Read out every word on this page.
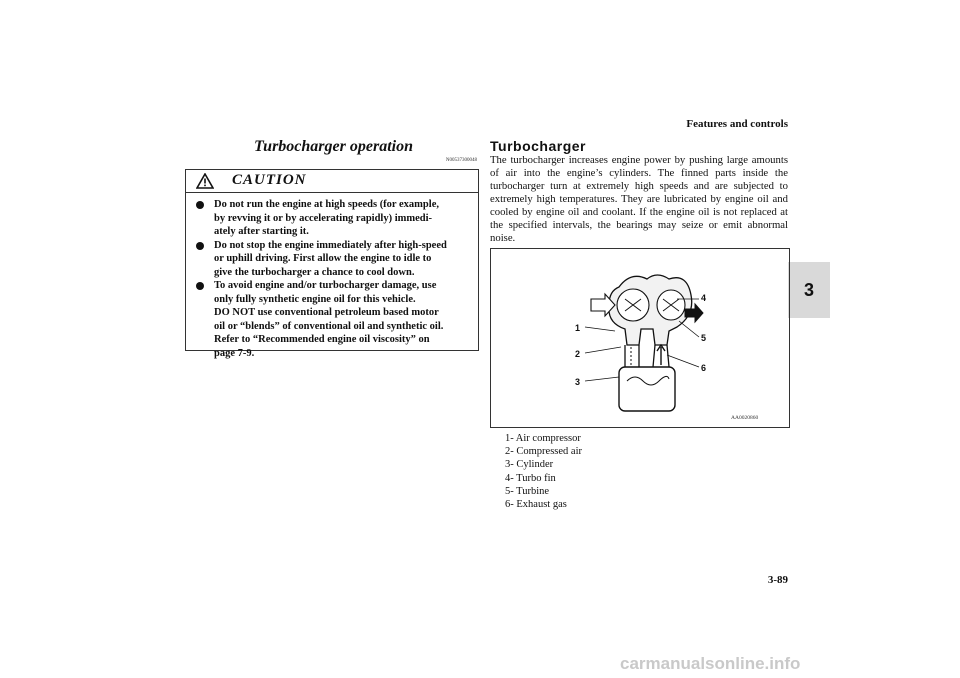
Features and controls
3
Turbocharger operation
N00537300048
CAUTION
Do not run the engine at high speeds (for example,
by revving it or by accelerating rapidly) immedi-
ately after starting it.
Do not stop the engine immediately after high-speed
or uphill driving. First allow the engine to idle to
give the turbocharger a chance to cool down.
To avoid engine and/or turbocharger damage, use
only fully synthetic engine oil for this vehicle.
DO NOT use conventional petroleum based motor
oil or “blends” of conventional oil and synthetic oil.
Refer to “Recommended engine oil viscosity” on
page 7-9.
Turbocharger

The turbocharger increases engine power by pushing large amounts of air into the engine’s cylinders. The finned parts inside the turbocharger turn at extremely high speeds and are subjected to extremely high temperatures. They are lubricated by engine oil and cooled by engine oil and coolant. If the engine oil is not replaced at the specified intervals, the bearings may seize or emit abnormal noise.

1
2
3
4
5
6
AA0020860
1- Air compressor
2- Compressed air
3- Cylinder
4- Turbo fin
5- Turbine
6- Exhaust gas
3-89
carmanualsonline.info
